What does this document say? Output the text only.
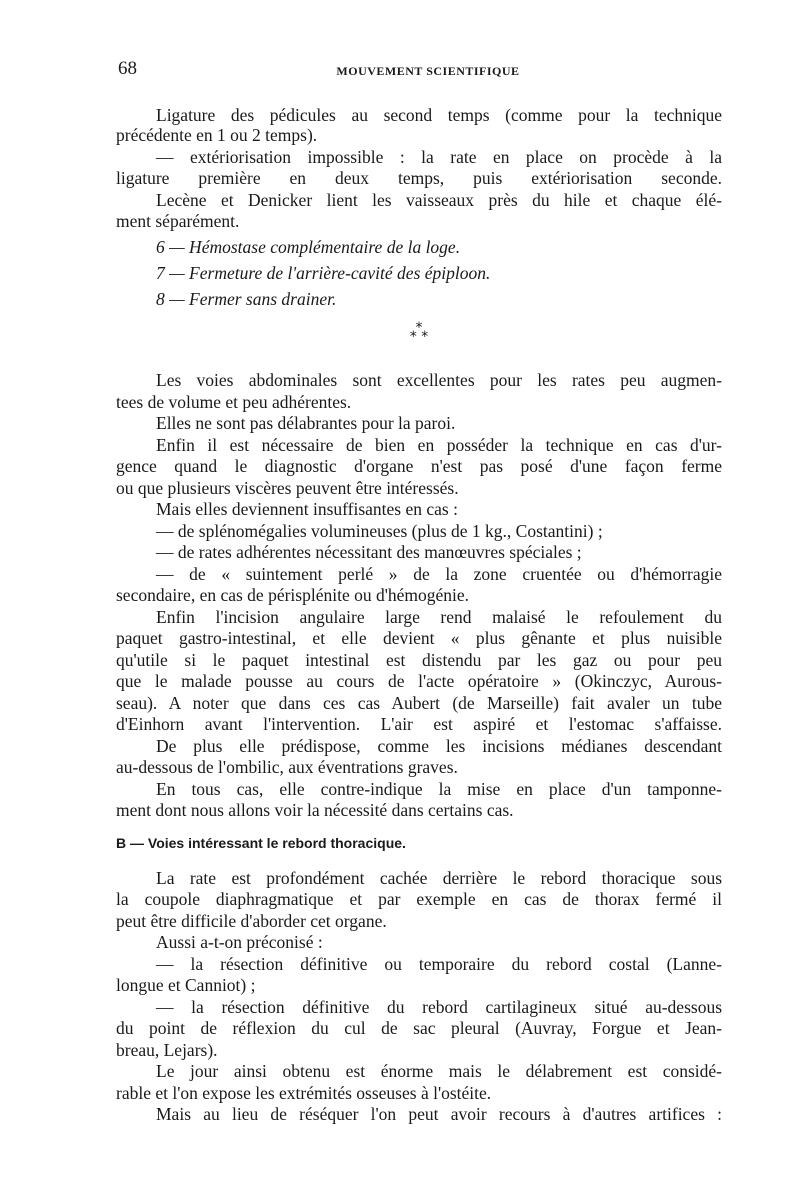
68	MOUVEMENT SCIENTIFIQUE
Ligature des pédicules au second temps (comme pour la technique
précédente en 1 ou 2 temps).
— extériorisation impossible : la rate en place on procède à la
ligature première en deux temps, puis extériorisation seconde.
Lecène et Denicker lient les vaisseaux près du hile et chaque élé-
ment séparément.
6 — Hémostase complémentaire de la loge.
7 — Fermeture de l'arrière-cavité des épiploon.
8 — Fermer sans drainer.
*
* *
Les voies abdominales sont excellentes pour les rates peu augmen-
tees de volume et peu adhérentes.
Elles ne sont pas délabrantes pour la paroi.
Enfin il est nécessaire de bien en posséder la technique en cas d'ur-
gence quand le diagnostic d'organe n'est pas posé d'une façon ferme
ou que plusieurs viscères peuvent être intéressés.
Mais elles deviennent insuffisantes en cas :
— de splénomégalies volumineuses (plus de 1 kg., Costantini) ;
— de rates adhérentes nécessitant des manœuvres spéciales ;
— de « suintement perlé » de la zone cruentée ou d'hémorragie
secondaire, en cas de périsplénite ou d'hémogénie.
Enfin l'incision angulaire large rend malaisé le refoulement du
paquet gastro-intestinal, et elle devient « plus gênante et plus nuisible
qu'utile si le paquet intestinal est distendu par les gaz ou pour peu
que le malade pousse au cours de l'acte opératoire » (Okinczyc, Aurous-
seau). A noter que dans ces cas Aubert (de Marseille) fait avaler un tube
d'Einhorn avant l'intervention. L'air est aspiré et l'estomac s'affaisse.
De plus elle prédispose, comme les incisions médianes descendant
au-dessous de l'ombilic, aux éventrations graves.
En tous cas, elle contre-indique la mise en place d'un tamponne-
ment dont nous allons voir la nécessité dans certains cas.
B — Voies intéressant le rebord thoracique.
La rate est profondément cachée derrière le rebord thoracique sous
la coupole diaphragmatique et par exemple en cas de thorax fermé il
peut être difficile d'aborder cet organe.
Aussi a-t-on préconisé :
— la résection définitive ou temporaire du rebord costal (Lanne-
longue et Canniot) ;
— la résection définitive du rebord cartilagineux situé au-dessous
du point de réflexion du cul de sac pleural (Auvray, Forgue et Jean-
breau, Lejars).
Le jour ainsi obtenu est énorme mais le délabrement est considé-
rable et l'on expose les extrémités osseuses à l'ostéite.
Mais au lieu de réséquer l'on peut avoir recours à d'autres artifices :
